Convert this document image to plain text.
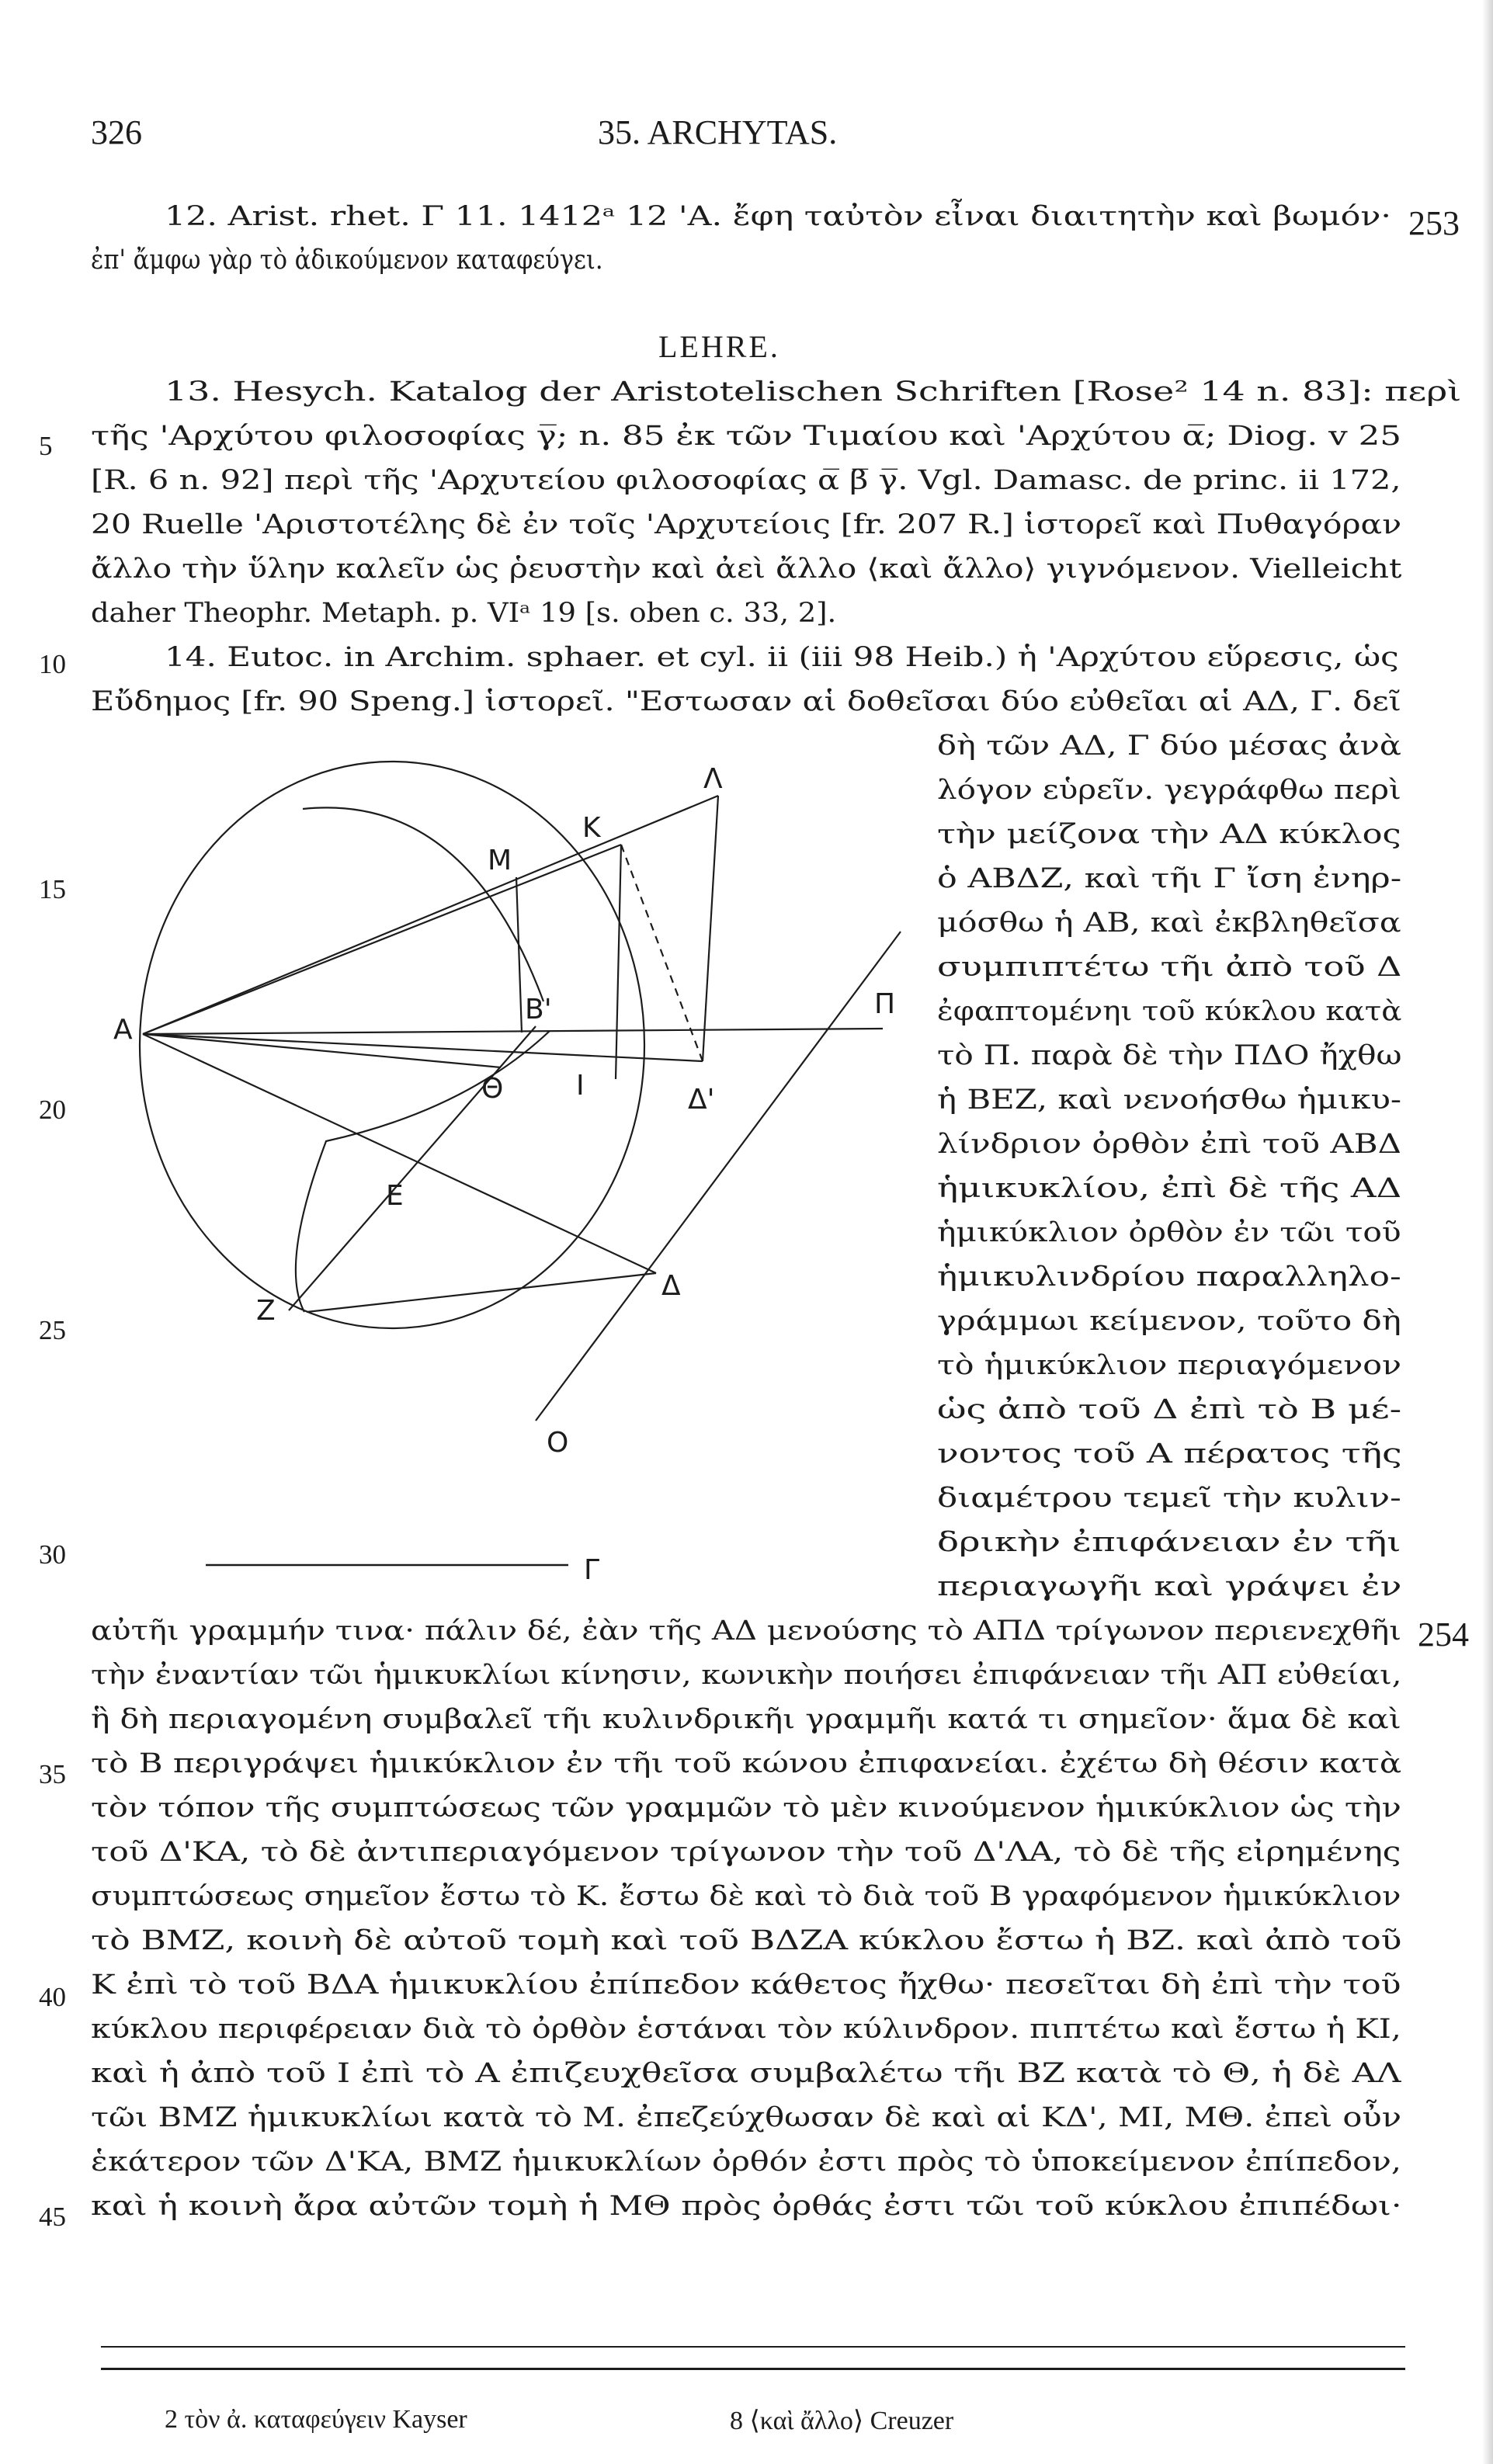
326	35. ARCHYTAS.
253
254
5
10
15
20
25
30
35
40
45
LEHRE.
12. Arist. rhet. Γ 11. 1412ᵃ 12 'Α. ἔφη ταὐτὸν εἶναι διαιτητὴν καὶ βωμόν·
ἐπ' ἄμφω γὰρ τὸ ἀδικούμενον καταφεύγει.
13. Hesych. Katalog der Aristotelischen Schriften [Rose² 14 n. 83]: περὶ
τῆς 'Αρχύτου φιλοσοφίας γ̅; n. 85 ἐκ τῶν Τιμαίου καὶ 'Αρχύτου α̅; Diog. v 25
[R. 6 n. 92] περὶ τῆς 'Αρχυτείου φιλοσοφίας α̅ β̅ γ̅. Vgl. Damasc. de princ. ii 172,
20 Ruelle 'Αριστοτέλης δὲ ἐν τοῖς 'Αρχυτείοις [fr. 207 R.] ἱστορεῖ καὶ Πυθαγόραν
ἄλλο τὴν ὕλην καλεῖν ὡς ῥευστὴν καὶ ἀεὶ ἄλλο ⟨καὶ ἄλλο⟩ γιγνόμενον. Vielleicht
daher Theophr. Metaph. p. VIᵃ 19 [s. oben c. 33, 2].
14. Eutoc. in Archim. sphaer. et cyl. ii (iii 98 Heib.) ἡ 'Αρχύτου εὕρεσις, ὡς
Εὔδημος [fr. 90 Speng.] ἱστορεῖ. "Εστωσαν αἱ δοθεῖσαι δύο εὐθεῖαι αἱ ΑΔ, Γ. δεῖ
δὴ τῶν ΑΔ, Γ δύο μέσας ἀνὰ
λόγον εὑρεῖν. γεγράφθω περὶ
τὴν μείζονα τὴν ΑΔ κύκλος
ὁ ΑΒΔΖ, καὶ τῆι Γ ἴση ἐνηρ-
μόσθω ἡ ΑΒ, καὶ ἐκβληθεῖσα
συμπιπτέτω τῆι ἀπὸ τοῦ Δ
ἐφαπτομένηι τοῦ κύκλου κατὰ
τὸ Π. παρὰ δὲ τὴν ΠΔΟ ἤχθω
ἡ ΒΕΖ, καὶ νενοήσθω ἡμικυ-
λίνδριον ὀρθὸν ἐπὶ τοῦ ΑΒΔ
ἡμικυκλίου, ἐπὶ δὲ τῆς ΑΔ
ἡμικύκλιον ὀρθὸν ἐν τῶι τοῦ
ἡμικυλινδρίου παραλληλο-
γράμμωι κείμενον, τοῦτο δὴ
τὸ ἡμικύκλιον περιαγόμενον
ὡς ἀπὸ τοῦ Δ ἐπὶ τὸ Β μέ-
νοντος τοῦ Α πέρατος τῆς
διαμέτρου τεμεῖ τὴν κυλιν-
δρικὴν ἐπιφάνειαν ἐν τῆι
περιαγωγῆι καὶ γράψει ἐν
αὐτῆι γραμμήν τινα· πάλιν δέ, ἐὰν τῆς ΑΔ μενούσης τὸ ΑΠΔ τρίγωνον περιενεχθῆι
τὴν ἐναντίαν τῶι ἡμικυκλίωι κίνησιν, κωνικὴν ποιήσει ἐπιφάνειαν τῆι ΑΠ εὐθείαι,
ἣ δὴ περιαγομένη συμβαλεῖ τῆι κυλινδρικῆι γραμμῆι κατά τι σημεῖον· ἅμα δὲ καὶ
τὸ Β περιγράψει ἡμικύκλιον ἐν τῆι τοῦ κώνου ἐπιφανείαι. ἐχέτω δὴ θέσιν κατὰ
τὸν τόπον τῆς συμπτώσεως τῶν γραμμῶν τὸ μὲν κινούμενον ἡμικύκλιον ὡς τὴν
τοῦ Δ'ΚΑ, τὸ δὲ ἀντιπεριαγόμενον τρίγωνον τὴν τοῦ Δ'ΛΑ, τὸ δὲ τῆς εἰρημένης
συμπτώσεως σημεῖον ἔστω τὸ Κ. ἔστω δὲ καὶ τὸ διὰ τοῦ Β γραφόμενον ἡμικύκλιον
τὸ ΒΜΖ, κοινὴ δὲ αὐτοῦ τομὴ καὶ τοῦ ΒΔΖΑ κύκλου ἔστω ἡ ΒΖ. καὶ ἀπὸ τοῦ
Κ ἐπὶ τὸ τοῦ ΒΔΑ ἡμικυκλίου ἐπίπεδον κάθετος ἤχθω· πεσεῖται δὴ ἐπὶ τὴν τοῦ
κύκλου περιφέρειαν διὰ τὸ ὀρθὸν ἑστάναι τὸν κύλινδρον. πιπτέτω καὶ ἔστω ἡ ΚΙ,
καὶ ἡ ἀπὸ τοῦ Ι ἐπὶ τὸ Α ἐπιζευχθεῖσα συμβαλέτω τῆι ΒΖ κατὰ τὸ Θ, ἡ δὲ ΑΛ
τῶι ΒΜΖ ἡμικυκλίωι κατὰ τὸ Μ. ἐπεζεύχθωσαν δὲ καὶ αἱ ΚΔ', ΜΙ, ΜΘ. ἐπεὶ οὖν
ἑκάτερον τῶν Δ'ΚΑ, ΒΜΖ ἡμικυκλίων ὀρθόν ἐστι πρὸς τὸ ὑποκείμενον ἐπίπεδον,
καὶ ἡ κοινὴ ἄρα αὐτῶν τομὴ ἡ ΜΘ πρὸς ὀρθάς ἐστι τῶι τοῦ κύκλου ἐπιπέδωι·
Λ
Κ
Μ
Π
Α
Β'
Θ	Ι	Δ'
Ε
Ζ
Δ
Ο
Γ
2 τὸν ἀ. καταφεύγειν Kayser	8 ⟨καὶ ἄλλο⟩ Creuzer
